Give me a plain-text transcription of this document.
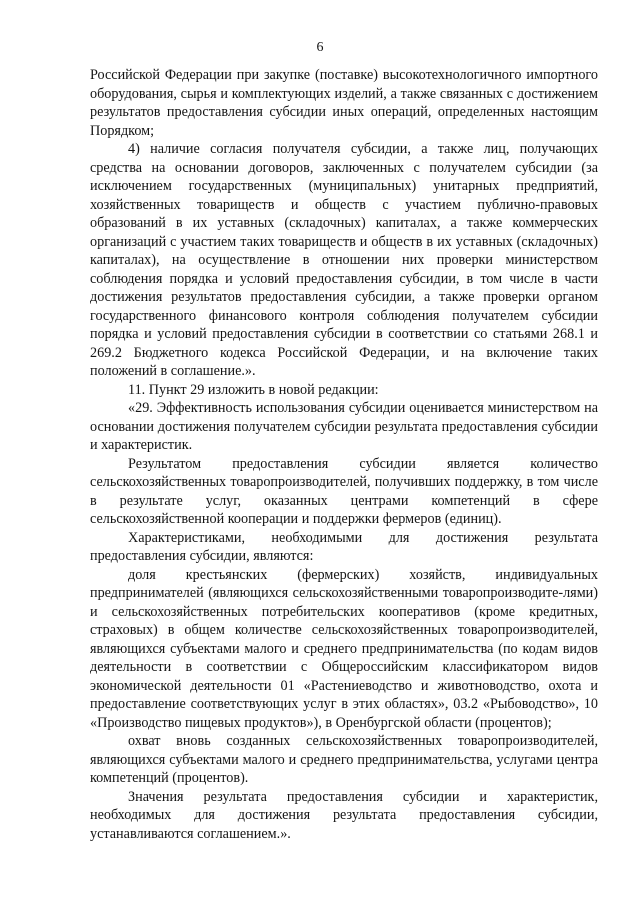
6

Российской Федерации при закупке (поставке) высокотехнологичного импортного оборудования, сырья и комплектующих изделий, а также связанных с достижением результатов предоставления субсидии иных операций, определенных настоящим Порядком;

4) наличие согласия получателя субсидии, а также лиц, получающих средства на основании договоров, заключенных с получателем субсидии (за исключением государственных (муниципальных) унитарных предприятий, хозяйственных товариществ и обществ с участием публично-правовых образований в их уставных (складочных) капиталах, а также коммерческих организаций с участием таких товариществ и обществ в их уставных (складочных) капиталах), на осуществление в отношении них проверки министерством соблюдения порядка и условий предоставления субсидии, в том числе в части достижения результатов предоставления субсидии, а также проверки органом государственного финансового контроля соблюдения получателем субсидии порядка и условий предоставления субсидии в соответствии со статьями 268.1 и 269.2 Бюджетного кодекса Российской Федерации, и на включение таких положений в соглашение.».

11. Пункт 29 изложить в новой редакции:

«29. Эффективность использования субсидии оценивается министерством на основании достижения получателем субсидии результата предоставления субсидии и характеристик.

Результатом предоставления субсидии является количество сельскохозяйственных товаропроизводителей, получивших поддержку, в том числе в результате услуг, оказанных центрами компетенций в сфере сельскохозяйственной кооперации и поддержки фермеров (единиц).

Характеристиками, необходимыми для достижения результата предоставления субсидии, являются:

доля крестьянских (фермерских) хозяйств, индивидуальных предпринимателей (являющихся сельскохозяйственными товаропроизводите-лями) и сельскохозяйственных потребительских кооперативов (кроме кредитных, страховых) в общем количестве сельскохозяйственных товаропроизводителей, являющихся субъектами малого и среднего предпринимательства (по кодам видов деятельности в соответствии с Общероссийским классификатором видов экономической деятельности 01 «Растениеводство и животноводство, охота и предоставление соответствующих услуг в этих областях», 03.2 «Рыбоводство», 10 «Производство пищевых продуктов»), в Оренбургской области (процентов);

охват вновь созданных сельскохозяйственных товаропроизводителей, являющихся субъектами малого и среднего предпринимательства, услугами центра компетенций (процентов).

Значения результата предоставления субсидии и характеристик, необходимых для достижения результата предоставления субсидии, устанавливаются соглашением.».
